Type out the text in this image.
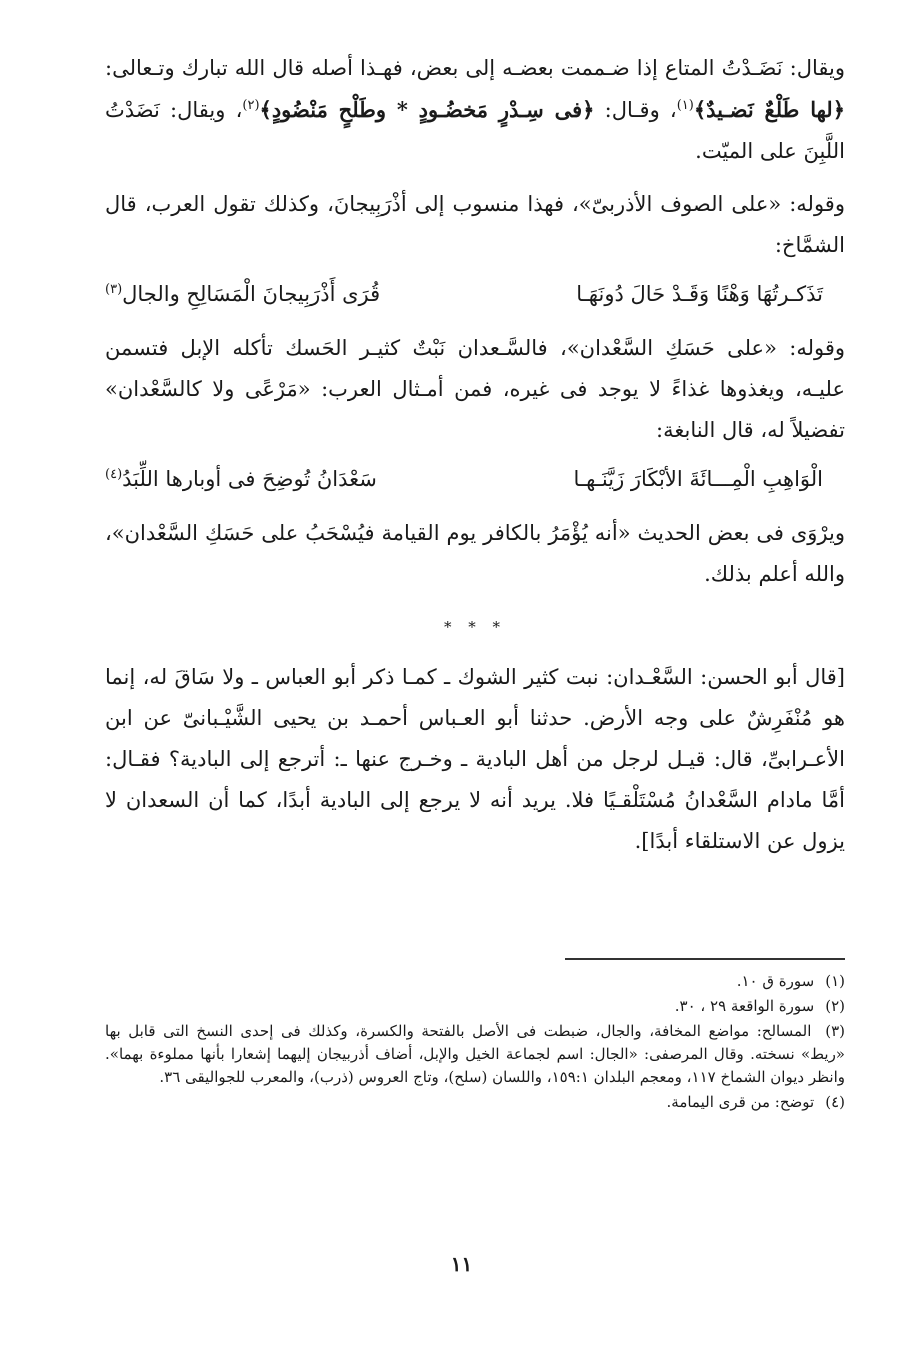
ويقال: نَضَـدْتُ المتاع إذا ضـممت بعضـه إلى بعض، فهـذا أصله قال الله تبارك وتـعالى: ﴿لها طَلْعٌ نَضـيدٌ﴾$^{(١)}$، وقـال: ﴿فى سِـدْرٍ مَخضُـودٍ * وطَلْحٍ مَنْضُودٍ﴾$^{(٢)}$، ويقال: نَضَدْتُ اللَّبِنَ على الميّت.

وقوله: «على الصوف الأذربىّ»، فهذا منسوب إلى أذْرَبِيجانَ، وكذلك تقول العرب، قال الشمَّاخ:

تَذَكـرتُهَا وَهْنًا وَقَـدْ حَالَ دُونَهَـا
قُرَى أَذْرَبِيجانَ الْمَسَالِحِ والجال$^{(٣)}$

وقوله: «على حَسَكِ السَّعْدان»، فالسَّـعدان نَبْتٌ كثيـر الحَسك تأكله الإبل فتسمن عليـه، ويغذوها غذاءً لا يوجد فى غيره، فمن أمـثال العرب: «مَرْعًى ولا كالسَّعْدان» تفضيلاً له، قال النابغة:

الْوَاهِبِ الْمِـــائَةَ الأبْكَارَ زَيَّنَـهـا
سَعْدَانُ تُوضِحَ فى أوبارها اللِّبَدُ$^{(٤)}$

ويرْوَى فى بعض الحديث «أنه يُؤْمَرُ بالكافر يوم القيامة فيُسْحَبُ على حَسَكِ السَّعْدان»، والله أعلم بذلك.

* * *

[قال أبو الحسن: السَّعْـدان: نبت كثير الشوك ـ كمـا ذكر أبو العباس ـ ولا سَاقَ له، إنما هو مُنْفَرِشٌ على وجه الأرض. حدثنا أبو العـباس أحمـد بن يحيى الشَّيْـبانىّ عن ابن الأعـرابىِّ، قال: قيـل لرجل من أهل البادية ـ وخـرج عنها ـ: أترجع إلى البادية؟ فقـال: أمَّا مادام السَّعْدانُ مُسْتَلْقـيًا فلا. يريد أنه لا يرجع إلى البادية أبدًا، كما أن السعدان لا يزول عن الاستلقاء أبدًا].

(١) سورة ق ١٠.
(٢) سورة الواقعة ٢٩ ، ٣٠.
(٣) المسالح: مواضع المخافة، والجال، ضبطت فى الأصل بالفتحة والكسرة، وكذلك فى إحدى النسخ التى قابل بها «ريط» نسخته. وقال المرصفى: «الجال: اسم لجماعة الخيل والإبل، أضاف أذربيجان إليهما إشعارا بأنها مملوءة بهما». وانظر ديوان الشماخ ١١٧، ومعجم البلدان ١٥٩:١، واللسان (سلح)، وتاج العروس (ذرب)، والمعرب للجواليقى ٣٦.
(٤) توضح: من قرى اليمامة.
١١
